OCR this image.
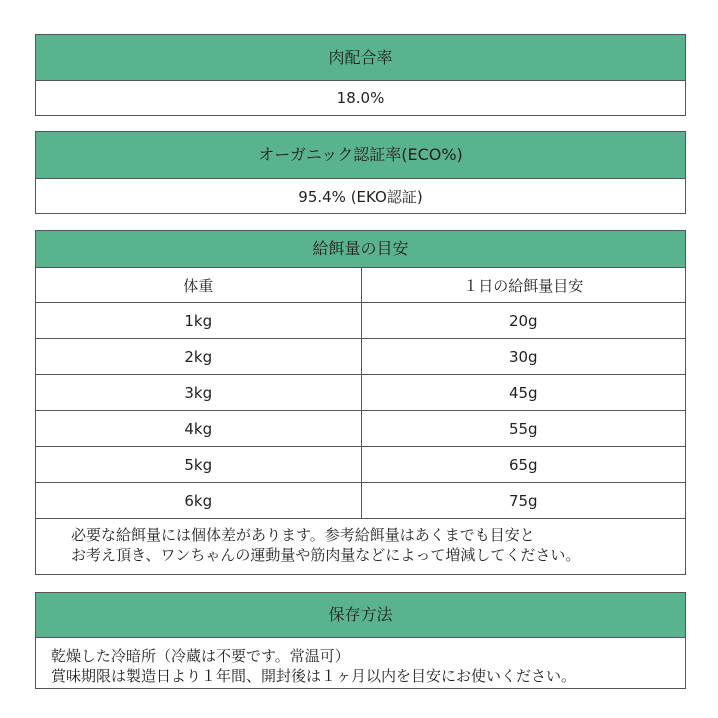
肉配合率
18.0%
オーガニック認証率(ECO%)
95.4% (EKO認証)
給餌量の目安
体重	１日の給餌量目安
1kg	20g
2kg	30g
3kg	45g
4kg	55g
5kg	65g
6kg	75g
必要な給餌量には個体差があります。参考給餌量はあくまでも目安と
お考え頂き、ワンちゃんの運動量や筋肉量などによって増減してください。
保存方法
乾燥した冷暗所（冷蔵は不要です。常温可）
賞味期限は製造日より１年間、開封後は１ヶ月以内を目安にお使いください。
